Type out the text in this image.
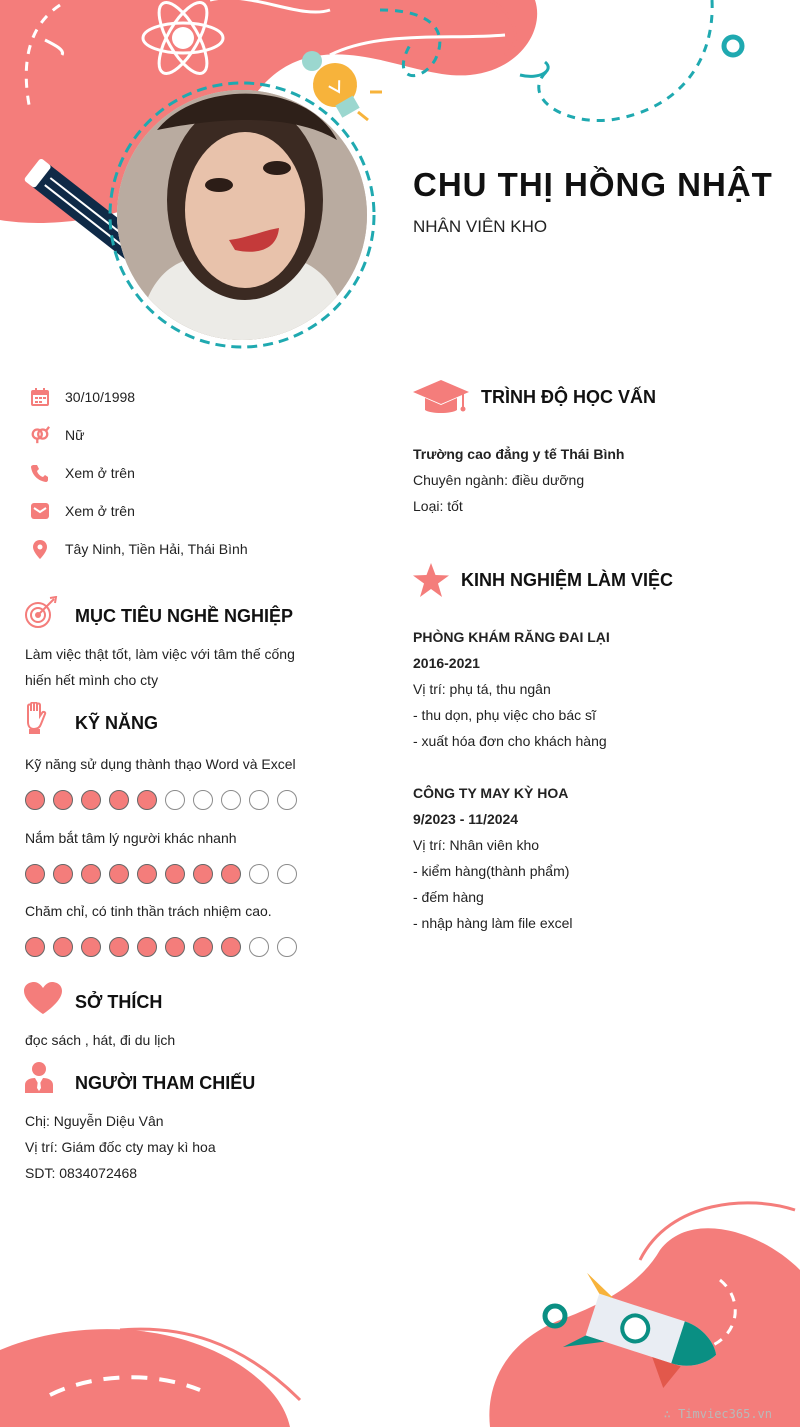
CHU THỊ HỒNG NHẬT
NHÂN VIÊN KHO
30/10/1998
Nữ
Xem ở trên
Xem ở trên
Tây Ninh, Tiền Hải, Thái Bình
MỤC TIÊU NGHỀ NGHIỆP
Làm việc thật tốt, làm việc với tâm thế cống
hiến hết mình cho cty
KỸ NĂNG
Kỹ năng sử dụng thành thạo Word và Excel
Nắm bắt tâm lý người khác nhanh
Chăm chỉ, có tinh thần trách nhiệm cao.
SỞ THÍCH
đọc sách , hát, đi du lịch
NGƯỜI THAM CHIẾU
Chị: Nguyễn Diệu Vân
Vị trí: Giám đốc cty may kì hoa
SDT: 0834072468
TRÌNH ĐỘ HỌC VẤN
Trường cao đẳng y tế Thái Bình
Chuyên ngành: điều dưỡng
Loại: tốt
KINH NGHIỆM LÀM VIỆC
PHÒNG KHÁM RĂNG ĐAI LẠI
2016-2021
Vị trí: phụ tá, thu ngân
- thu dọn, phụ việc cho bác sĩ
- xuất hóa đơn cho khách hàng
CÔNG TY MAY KỲ HOA
9/2023 - 11/2024
Vị trí: Nhân viên kho
- kiểm hàng(thành phẩm)
- đếm hàng
- nhập hàng làm file excel
∴ Timviec365.vn
